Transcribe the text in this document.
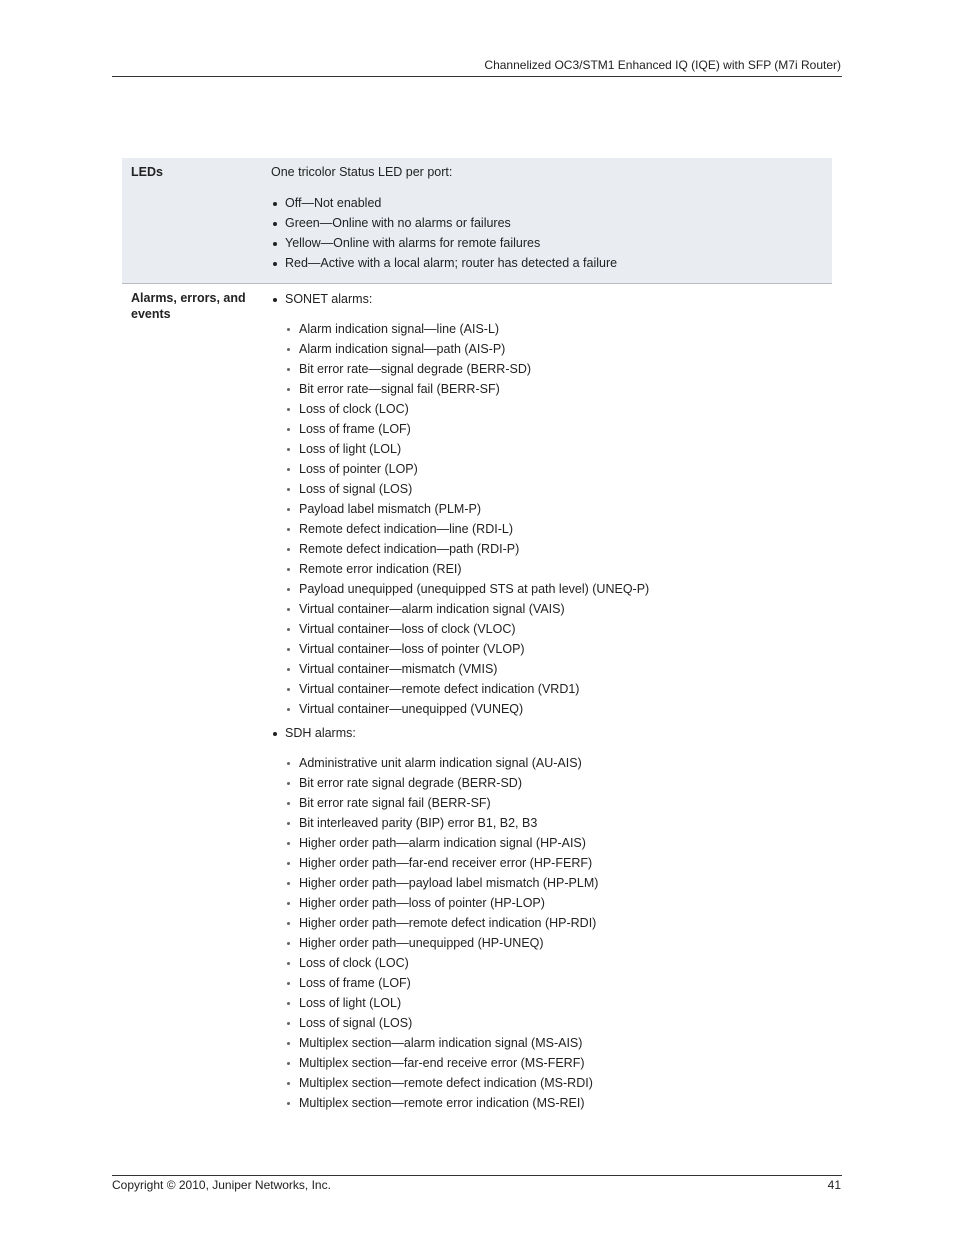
Channelized OC3/STM1 Enhanced IQ (IQE) with SFP (M7i Router)
LEDs	One tricolor Status LED per port:
Off—Not enabled
Green—Online with no alarms or failures
Yellow—Online with alarms for remote failures
Red—Active with a local alarm; router has detected a failure
Alarms, errors, and events
SONET alarms:
Alarm indication signal—line (AIS-L)
Alarm indication signal—path (AIS-P)
Bit error rate—signal degrade (BERR-SD)
Bit error rate—signal fail (BERR-SF)
Loss of clock (LOC)
Loss of frame (LOF)
Loss of light (LOL)
Loss of pointer (LOP)
Loss of signal (LOS)
Payload label mismatch (PLM-P)
Remote defect indication—line (RDI-L)
Remote defect indication—path (RDI-P)
Remote error indication (REI)
Payload unequipped (unequipped STS at path level) (UNEQ-P)
Virtual container—alarm indication signal (VAIS)
Virtual container—loss of clock (VLOC)
Virtual container—loss of pointer (VLOP)
Virtual container—mismatch (VMIS)
Virtual container—remote defect indication (VRD1)
Virtual container—unequipped (VUNEQ)
SDH alarms:
Administrative unit alarm indication signal (AU-AIS)
Bit error rate signal degrade (BERR-SD)
Bit error rate signal fail (BERR-SF)
Bit interleaved parity (BIP) error B1, B2, B3
Higher order path—alarm indication signal (HP-AIS)
Higher order path—far-end receiver error (HP-FERF)
Higher order path—payload label mismatch (HP-PLM)
Higher order path—loss of pointer (HP-LOP)
Higher order path—remote defect indication (HP-RDI)
Higher order path—unequipped (HP-UNEQ)
Loss of clock (LOC)
Loss of frame (LOF)
Loss of light (LOL)
Loss of signal (LOS)
Multiplex section—alarm indication signal (MS-AIS)
Multiplex section—far-end receive error (MS-FERF)
Multiplex section—remote defect indication (MS-RDI)
Multiplex section—remote error indication (MS-REI)
Copyright © 2010, Juniper Networks, Inc.	41
